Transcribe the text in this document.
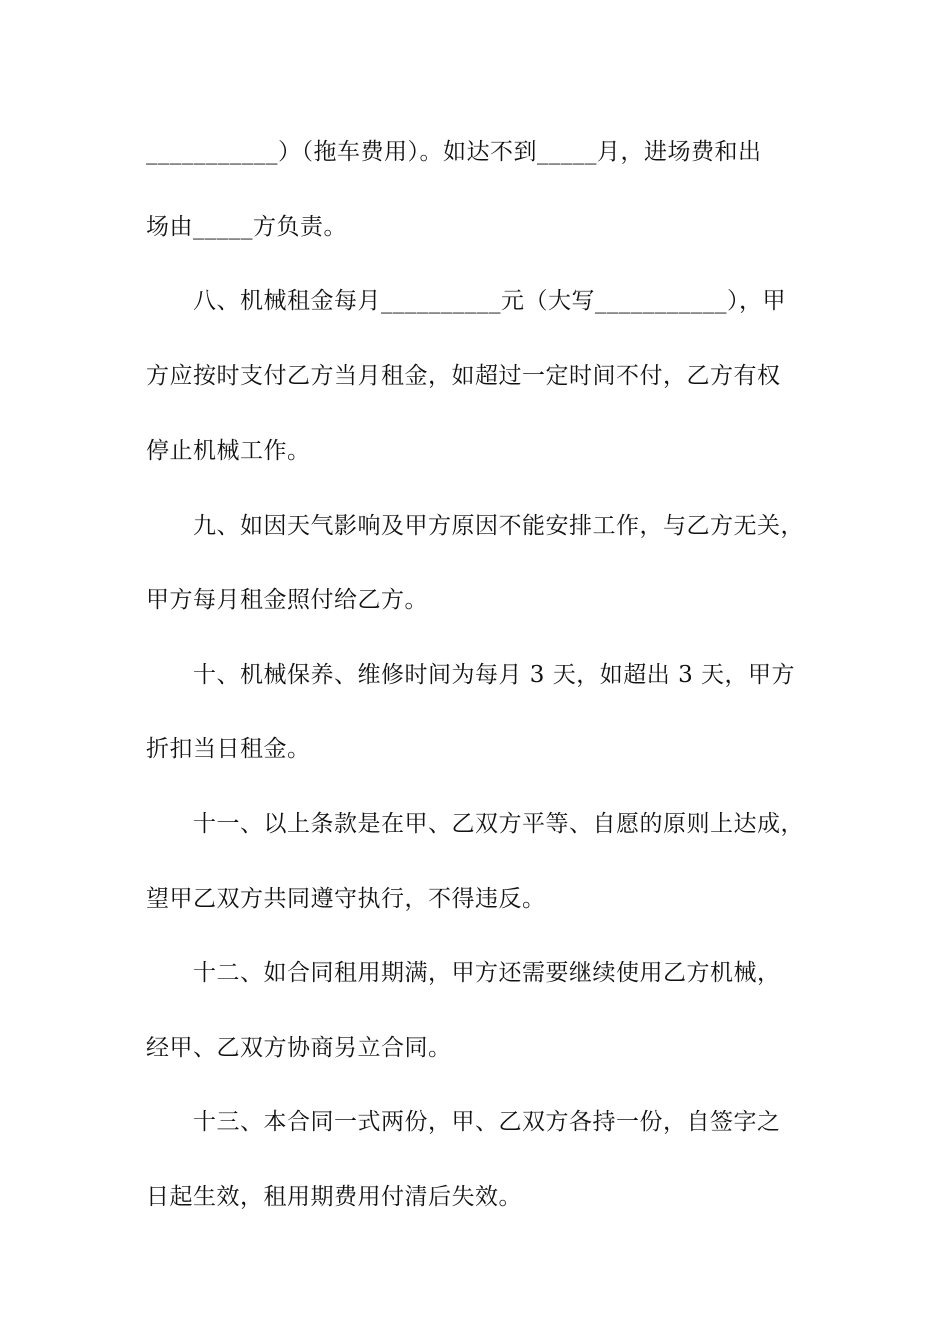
___________）（拖车费用）。如达不到_____月，进场费和出

场由_____方负责。

八、机械租金每月__________元（大写___________），甲

方应按时支付乙方当月租金，如超过一定时间不付，乙方有权

停止机械工作。

九、如因天气影响及甲方原因不能安排工作，与乙方无关，

甲方每月租金照付给乙方。

十、机械保养、维修时间为每月 3 天，如超出 3 天，甲方

折扣当日租金。

十一、以上条款是在甲、乙双方平等、自愿的原则上达成，

望甲乙双方共同遵守执行，不得违反。

十二、如合同租用期满，甲方还需要继续使用乙方机械，

经甲、乙双方协商另立合同。

十三、本合同一式两份，甲、乙双方各持一份，自签字之

日起生效，租用期费用付清后失效。
